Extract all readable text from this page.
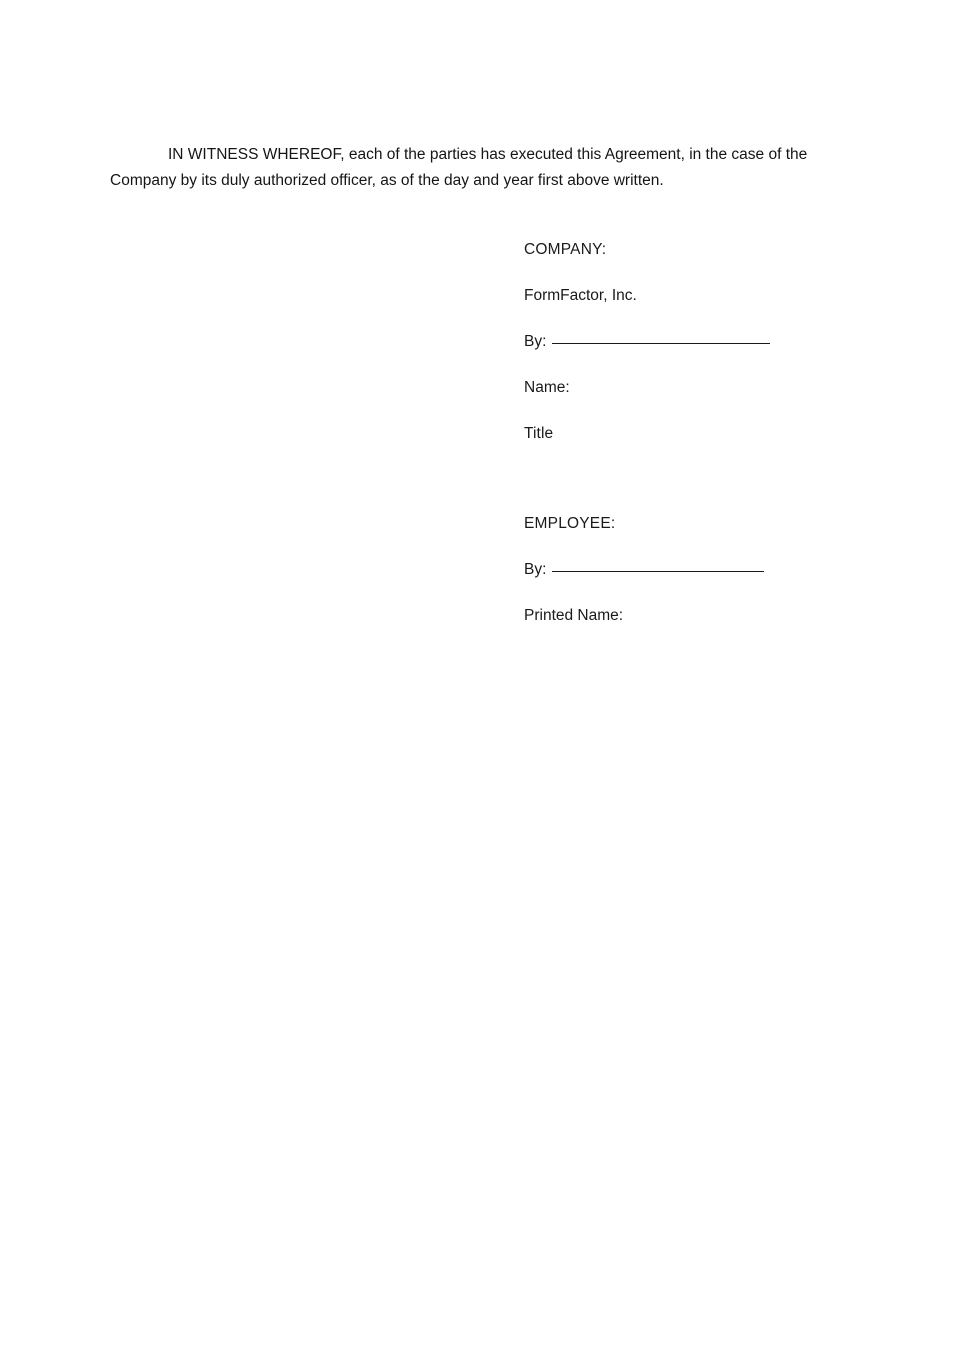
IN WITNESS WHEREOF, each of the parties has executed this Agreement, in the case of the Company by its duly authorized officer, as of the day and year first above written.

COMPANY:
FormFactor, Inc.
By:
Name:
Title
EMPLOYEE:
By:
Printed Name:
